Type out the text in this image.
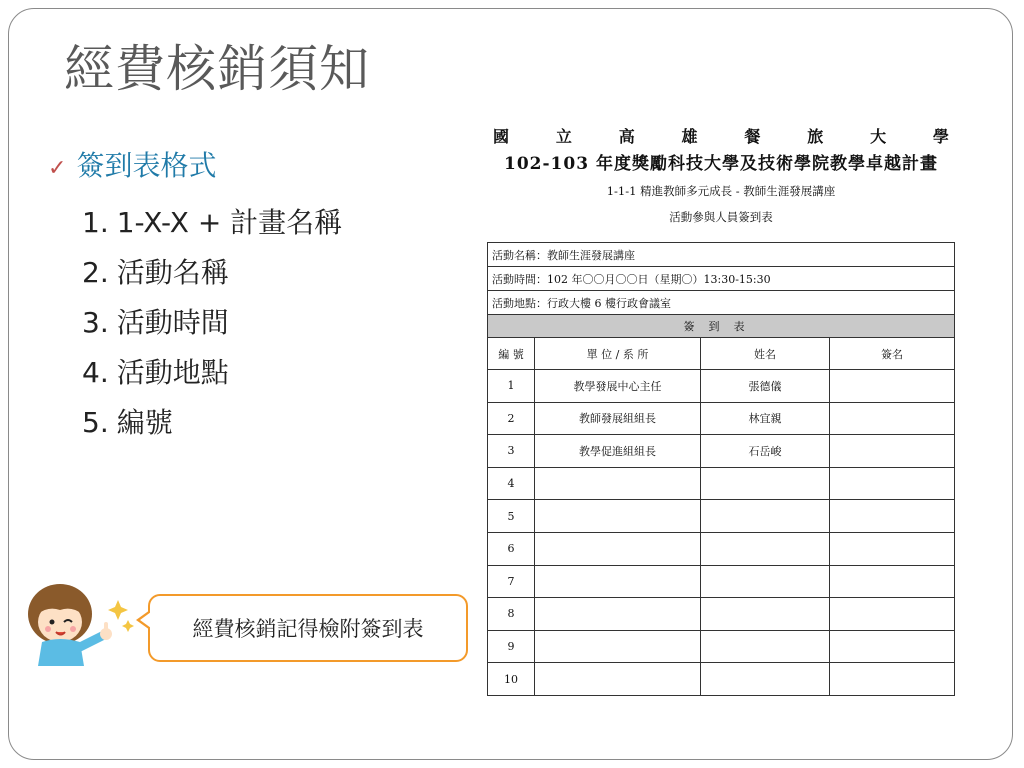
經費核銷須知
✓ 簽到表格式
1. 1-X-X + 計畫名稱
2. 活動名稱
3. 活動時間
4. 活動地點
5. 編號
經費核銷記得檢附簽到表
國	立	高	雄	餐	旅	大	學
102-103 年度獎勵科技大學及技術學院教學卓越計畫
1-1-1 精進教師多元成長 - 教師生涯發展講座
活動參與人員簽到表
活動名稱：教師生涯發展講座			
活動時間：102 年〇〇月〇〇日（星期〇）13:30-15:30			
活動地點：行政大樓 6 樓行政會議室			
簽到表			
編 號	單 位 / 系 所	姓名	簽名
1	教學發展中心主任	張德儀	
2	教師發展組組長	林宜親	
3	教學促進組組長	石岳峻	
4			
5			
6			
7			
8			
9			
10			
